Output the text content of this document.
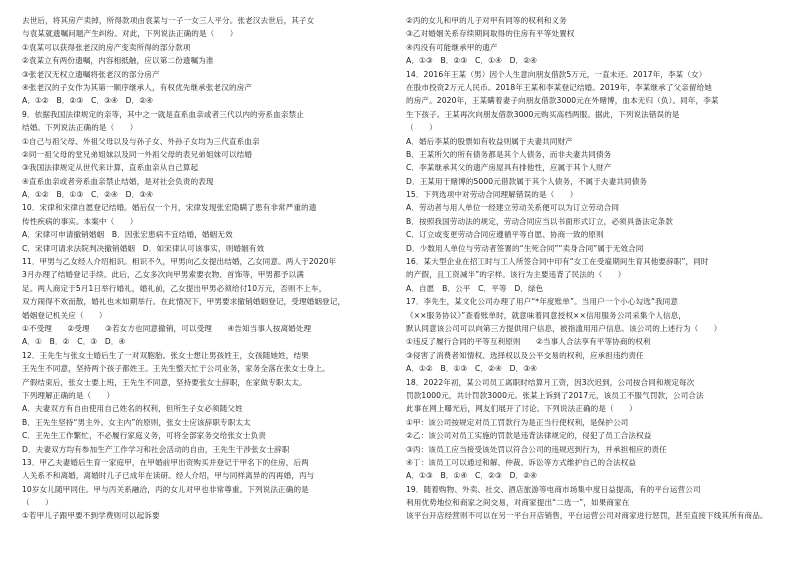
去世后，将其房产卖掉，所得款项由袁某与一子一女三人平分。张老汉去世后，其子女
与袁某就遗嘱问题产生纠纷。对此，下列说法正确的是（　　）
①袁某可以获得张老汉的房产变卖所得的部分款项
②袁某立有两份遗嘱，内容相抵触，应以第二份遗嘱为准
③张老汉无权立遗嘱将张老汉的部分房产
④张老汉的子女作为其第一顺序继承人，有权优先继承张老汉的房产
A．①②　B．②③　C．③④　D．②④
9．依据我国法律规定的亲等，其中之一就是直系血亲或者三代以内的旁系血亲禁止
结婚。下列说法正确的是（　　）
①自己与祖父母、外祖父母以及与孙子女、外孙子女均为三代直系血亲
②同一祖父母的堂兄弟姐妹以及同一外祖父母的表兄弟姐妹可以结婚
③我国法律规定从世代来计算，直系血亲从自己算起
④直系血亲或者旁系血亲禁止结婚，是对社会负责的表现
A．①②　B．①③　C．②④　D．③④
10．宋律和宋律自愿登记结婚。婚后仅一个月，宋律发现张宏隐瞒了患有非常严重的遗
传性疾病的事实。本案中（　　）
A．宋律可申请撤销婚姻　B．因张宏患病不宜结婚，婚姻无效
C．宋律可请求法院判决撤销婚姻　D．如宋律认可该事实，则婚姻有效
11．甲男与乙女经人介绍相识。相识不久，甲男向乙女提出结婚，乙女同意。两人于2020年
3月办理了结婚登记手续。此后，乙女多次向甲男索要衣物、首饰等，甲男都予以满
足。两人商定于5月1日举行婚礼，婚礼前，乙女提出甲男必须给付10万元，否则不上车，
双方闹得不欢而散，婚礼也未如期举行。在此情况下，甲男要求撤销婚姻登记，受理婚姻登记，
婚姻登记机关应（　　）
①不受理　　②受理　　③若女方也同意撤销，可以受理　　④告知当事人按离婚处理
A．①　B．②　C．③　D．④
12．王先生与张女士婚后生了一对双胞胎。张女士想让男孩姓王，女孩随她姓，结果
王先生不同意，坚持两个孩子都姓王。王先生整天忙于公司业务，家务全落在张女士身上。
产假结束后，张女士要上班，王先生不同意，坚持要张女士辞职，在家做专职太太。
下列理解正确的是（　　）
A．夫妻双方有自由使用自己姓名的权利，但所生子女必须随父姓
B．王先生坚持“男主外、女主内”的原则，张女士应该辞职专职太太
C．王先生工作繁忙，不必履行家庭义务，可将全部家务交给张女士负责
D．夫妻双方均有参加生产工作学习和社会活动的自由，王先生干涉张女士辞职
13．甲乙夫妻婚后生育一家庭甲，在甲婚前甲出资购买并登记于甲名下的住房，后两
人关系不和离婚，离婚时儿子已成年在读研。经人介绍，甲与同样离异的丙再婚，丙与
10岁女儿随甲同住。甲与丙关系融洽，丙的女儿对甲也非常尊重。下列说法正确的是
（　　）
①若甲儿子跟甲要不到学费则可以起诉要
②丙的女儿和甲的儿子对甲有同等的权利和义务
③乙对婚姻关系存续期间取得的住房有平等处置权
④丙没有可能继承甲的遗产
A．①③　B．②③　C．①④　D．②④
14．2016年王某（男）因个人生意向朋友借款5万元，一直未还。2017年，李某（女）
在股市投资2万元人民币。2018年王某和李某登记结婚。2019年，李某继承了父亲留给她
的房产。2020年，王某瞒着妻子向朋友借款3000元在外赌博，血本无归（负）。同年，李某
生下孩子。王某再次向朋友借款3000元购买高档两服。据此，下列说法错误的是
（　　）
A．婚后李某的股票如有收益则属于夫妻共同财产
B．王某所欠的所有债务都是其个人债务，而非夫妻共同债务
C．李某继承其父的遗产房屋具有排他性，应属于其个人财产
D．王某用于赌博的5000元借款属于其个人债务，不属于夫妻共同债务
15．下列选项中对劳动合同理解错误的是（　　）
A．劳动者与用人单位一经建立劳动关系便可以为订立劳动合同
B．按照我国劳动法的规定，劳动合同应当以书面形式订立，必须具备法定条款
C．订立或变更劳动合同应遵循平等自愿、协商一致的原则
D．少数用人单位与劳动者签署的“生死合同”“卖身合同”属于无效合同
16．某大型企业在招工时与工人所签合同中印有“女工在受雇期间生育其他要辞职”，同时
的产假，且工资减半”的字样。该行为主要违背了民法的（　　）
A．自愿　B．公平　C．平等　D．绿色
17．李先生，某文化公司办理了用户“*年度账单”。当用户一个小心勾选“我同意
《××服务协议》”查看账单时，就意味着同意授权××信用服务公司采集个人信息，
默认同意该公司可以向第三方提供用户信息，被指滥用用户信息。该公司的上述行为（　　）
①违反了履行合同的平等互利原则　　②当事人合法享有平等协商的权利
③侵害了消费者知情权、选择权以及公平交易的权利，应承担违约责任
A．①②　B．①③　C．②④　D．③④
18．2022年初，某公司员工离职时结算月工资，因3次迟到，公司按合同和规定每次
罚款1000元，共计罚款3000元。张某上诉到了2017元，该员工不服气罚款，公司合法
此事在网上曝光后，网友们展开了讨论。下列说法正确的是（　　）
①甲：该公司按规定对员工罚款行为是正当行使权利，是保护公司
②乙：该公司对员工实施的罚款是违背法律规定的，侵犯了员工合法权益
③丙：该员工应当接受该处罚以符合公司的违规迟到行为，并承担相应的责任
④丁：该员工可以通过和解、仲裁、诉讼等方式维护自己的合法权益
A．①③　B．①④　C．②③　D．②④
19．随着购物、外卖、社交、酒店旅游等电商市场集中度日益提高，有的平台运营公司
利用优势地位和商家之间交易，对商家提出“二选一”，如果商家在
该平台开店经营则不可以在另一平台开店销售，平台运营公司对商家进行惩罚，甚至直接下线其所有商品。
